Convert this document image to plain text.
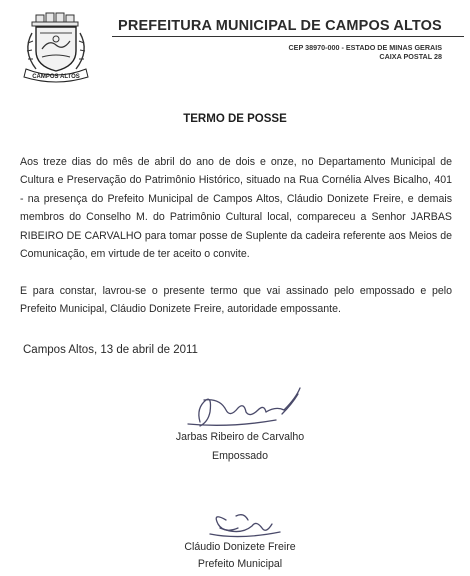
CAMPOS ALTOS
PREFEITURA MUNICIPAL DE CAMPOS ALTOS
CEP 38970-000 - ESTADO DE MINAS GERAIS
CAIXA POSTAL 28
TERMO DE POSSE
Aos treze dias do mês de abril do ano de dois e onze, no Departamento Municipal de Cultura e Preservação do Patrimônio Histórico, situado na Rua Cornélia Alves Bicalho, 401 - na presença do Prefeito Municipal de Campos Altos, Cláudio Donizete Freire, e demais membros do Conselho M. do Patrimônio Cultural local, compareceu a Senhor JARBAS RIBEIRO DE CARVALHO para tomar posse de Suplente da cadeira referente aos Meios de Comunicação, em virtude de ter aceito o convite.
E para constar, lavrou-se o presente termo que vai assinado pelo empossado e pelo Prefeito Municipal, Cláudio Donizete Freire, autoridade empossante.
Campos Altos, 13 de abril de 2011
Jarbas Ribeiro de Carvalho
Empossado
Cláudio Donizete Freire
Prefeito Municipal
